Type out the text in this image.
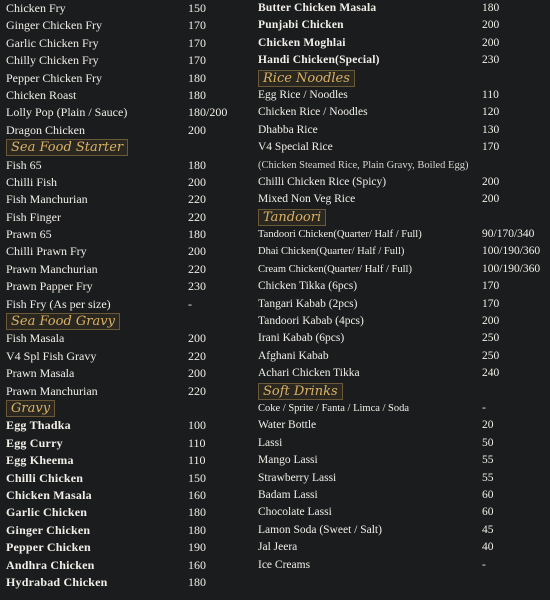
Chicken Fry	150
Ginger Chicken Fry	170
Garlic Chicken Fry	170
Chilly Chicken Fry	170
Pepper Chicken Fry	180
Chicken Roast	180
Lolly Pop (Plain / Sauce)	180/200
Dragon Chicken	200
Sea Food Starter
Fish 65	180
Chilli Fish	200
Fish Manchurian	220
Fish Finger	220
Prawn 65	180
Chilli Prawn Fry	200
Prawn Manchurian	220
Prawn Papper Fry	230
Fish Fry (As per size)	-
Sea Food Gravy
Fish Masala	200
V4 Spl Fish Gravy	220
Prawn Masala	200
Prawn Manchurian	220
Gravy
Egg Thadka	100
Egg Curry	110
Egg Kheema	110
Chilli Chicken	150
Chicken Masala	160
Garlic Chicken	180
Ginger Chicken	180
Pepper Chicken	190
Andhra Chicken	160
Hydrabad Chicken	180
Butter Chicken Masala	180
Punjabi Chicken	200
Chicken Moghlai	200
Handi Chicken(Special)	230
Rice Noodles
Egg Rice / Noodles	110
Chicken Rice / Noodles	120
Dhabba Rice	130
V4 Special Rice	170
(Chicken Steamed Rice, Plain Gravy, Boiled Egg)
Chilli Chicken Rice (Spicy)	200
Mixed Non Veg Rice	200
Tandoori
Tandoori Chicken(Quarter/ Half / Full)	90/170/340
Dhai Chicken(Quarter/ Half / Full)	100/190/360
Cream Chicken(Quarter/ Half / Full)	100/190/360
Chicken Tikka (6pcs)	170
Tangari Kabab (2pcs)	170
Tandoori Kabab (4pcs)	200
Irani Kabab (6pcs)	250
Afghani Kabab	250
Achari Chicken Tikka	240
Soft Drinks
Coke / Sprite / Fanta / Limca / Soda	-
Water Bottle	20
Lassi	50
Mango Lassi	55
Strawberry Lassi	55
Badam Lassi	60
Chocolate Lassi	60
Lamon Soda (Sweet / Salt)	45
Jal Jeera	40
Ice Creams	-
